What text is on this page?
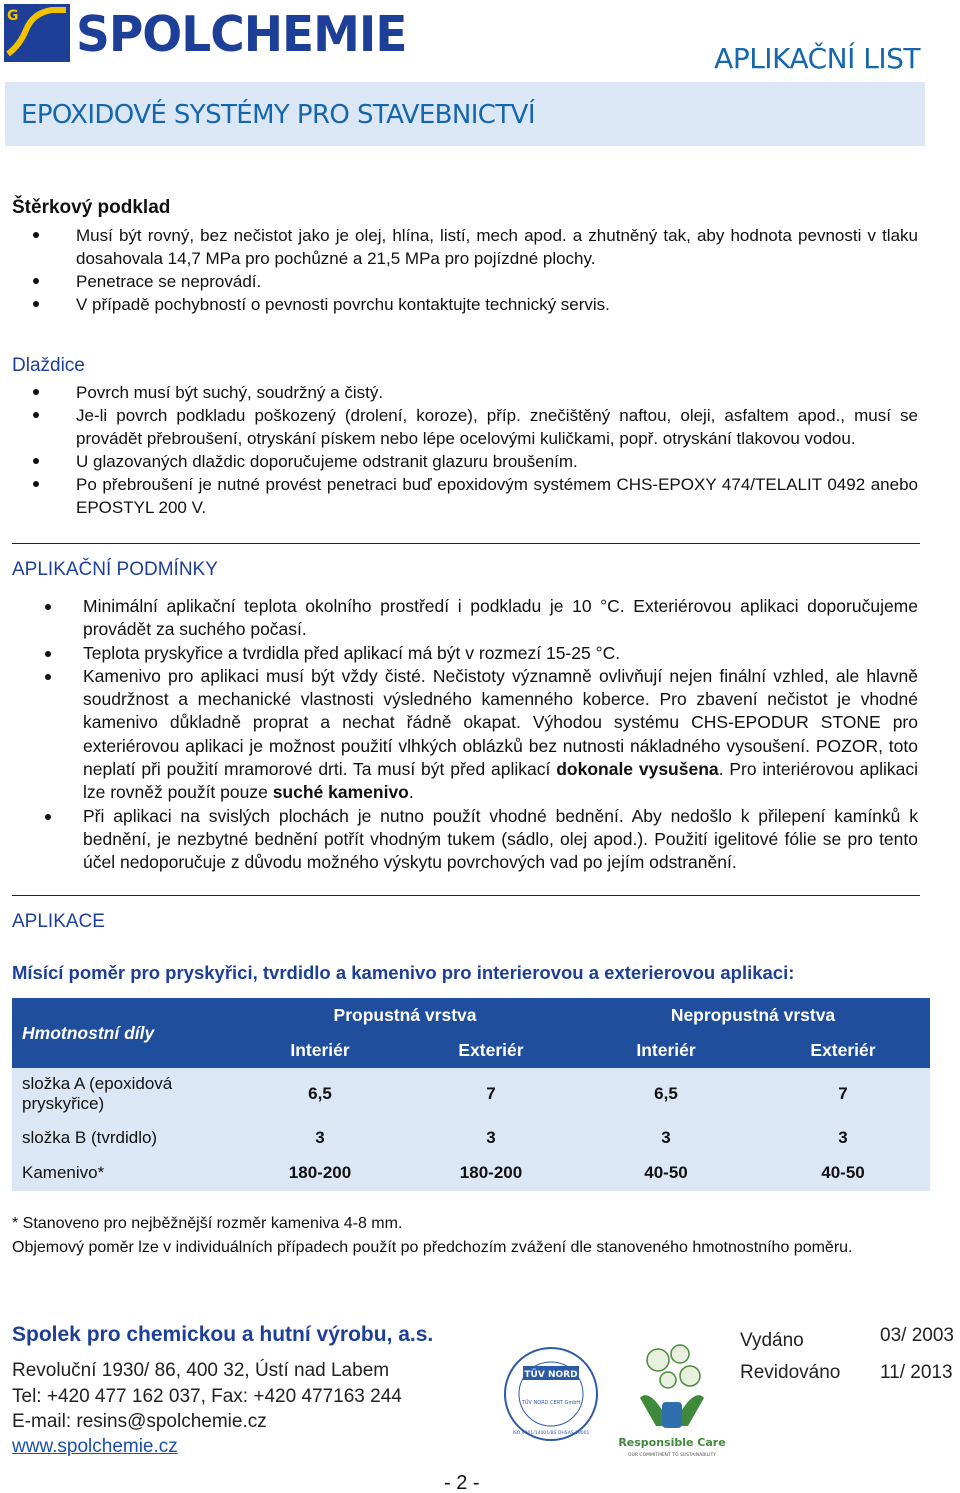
G SPOLCHEMIE	APLIKAČNÍ LIST
EPOXIDOVÉ SYSTÉMY PRO STAVEBNICTVÍ
Štěrkový podklad
Musí být rovný, bez nečistot jako je olej, hlína, listí, mech apod. a zhutněný tak, aby hodnota pevnosti v tlaku dosahovala 14,7 MPa pro pochůzné a 21,5 MPa pro pojízdné plochy.
Penetrace se neprovádí.
V případě pochybností o pevnosti povrchu kontaktujte technický servis.
Dlaždice
Povrch musí být suchý, soudržný a čistý.
Je-li povrch podkladu poškozený (drolení, koroze), příp. znečištěný naftou, oleji, asfaltem apod., musí se provádět přebroušení, otryskání pískem nebo lépe ocelovými kuličkami, popř. otryskání tlakovou vodou.
U glazovaných dlaždic doporučujeme odstranit glazuru broušením.
Po přebroušení je nutné provést penetraci buď epoxidovým systémem CHS-EPOXY 474/TELALIT 0492 anebo EPOSTYL 200 V.
APLIKAČNÍ PODMÍNKY
Minimální aplikační teplota okolního prostředí i podkladu je 10 °C. Exteriérovou aplikaci doporučujeme provádět za suchého počasí.
Teplota pryskyřice a tvrdidla před aplikací má být v rozmezí 15-25 °C.
Kamenivo pro aplikaci musí být vždy čisté. Nečistoty významně ovlivňují nejen finální vzhled, ale hlavně soudržnost a mechanické vlastnosti výsledného kamenného koberce. Pro zbavení nečistot je vhodné kamenivo důkladně proprat a nechat řádně okapat. Výhodou systému CHS-EPODUR STONE pro exteriérovou aplikaci je možnost použití vlhkých oblázků bez nutnosti nákladného vysoušení. POZOR, toto neplatí při použití mramorové drti. Ta musí být před aplikací dokonale vysušena. Pro interiérovou aplikaci lze rovněž použít pouze suché kamenivo.
Při aplikaci na svislých plochách je nutno použít vhodné bednění. Aby nedošlo k přilepení kamínků k bednění, je nezbytné bednění potřít vhodným tukem (sádlo, olej apod.). Použití igelitové fólie se pro tento účel nedoporučuje z důvodu možného výskytu povrchových vad po jejím odstranění.
APLIKACE
Mísící poměr pro pryskyřici, tvrdidlo a kamenivo pro interierovou a exterierovou aplikaci:
Hmotnostní díly	Propustná vrstva		Nepropustná vrstva	
	Interiér	Exteriér	Interiér	Exteriér
složka A (epoxidová pryskyřice)	6,5	7	6,5	7
složka B (tvrdidlo)	3	3	3	3
Kamenivo*	180-200	180-200	40-50	40-50
* Stanoveno pro nejběžnější rozměr kameniva 4-8 mm.
Objemový poměr lze v individuálních případech použít po předchozím zvážení dle stanoveného hmotnostního poměru.
Spolek pro chemickou a hutní výrobu, a.s.
Revoluční 1930/ 86, 400 32, Ústí nad Labem
Tel: +420 477 162 037, Fax: +420 477163 244
E-mail: resins@spolchemie.cz
www.spolchemie.cz
TÜV NORD
TÜV NORD CERT GmbH
ISO 9001/14001/BS OHSAS 18001
Responsible Care
OUR COMMITMENT TO SUSTAINABILITY
Vydáno	03/ 2003
Revidováno 11/ 2013
- 2 -
